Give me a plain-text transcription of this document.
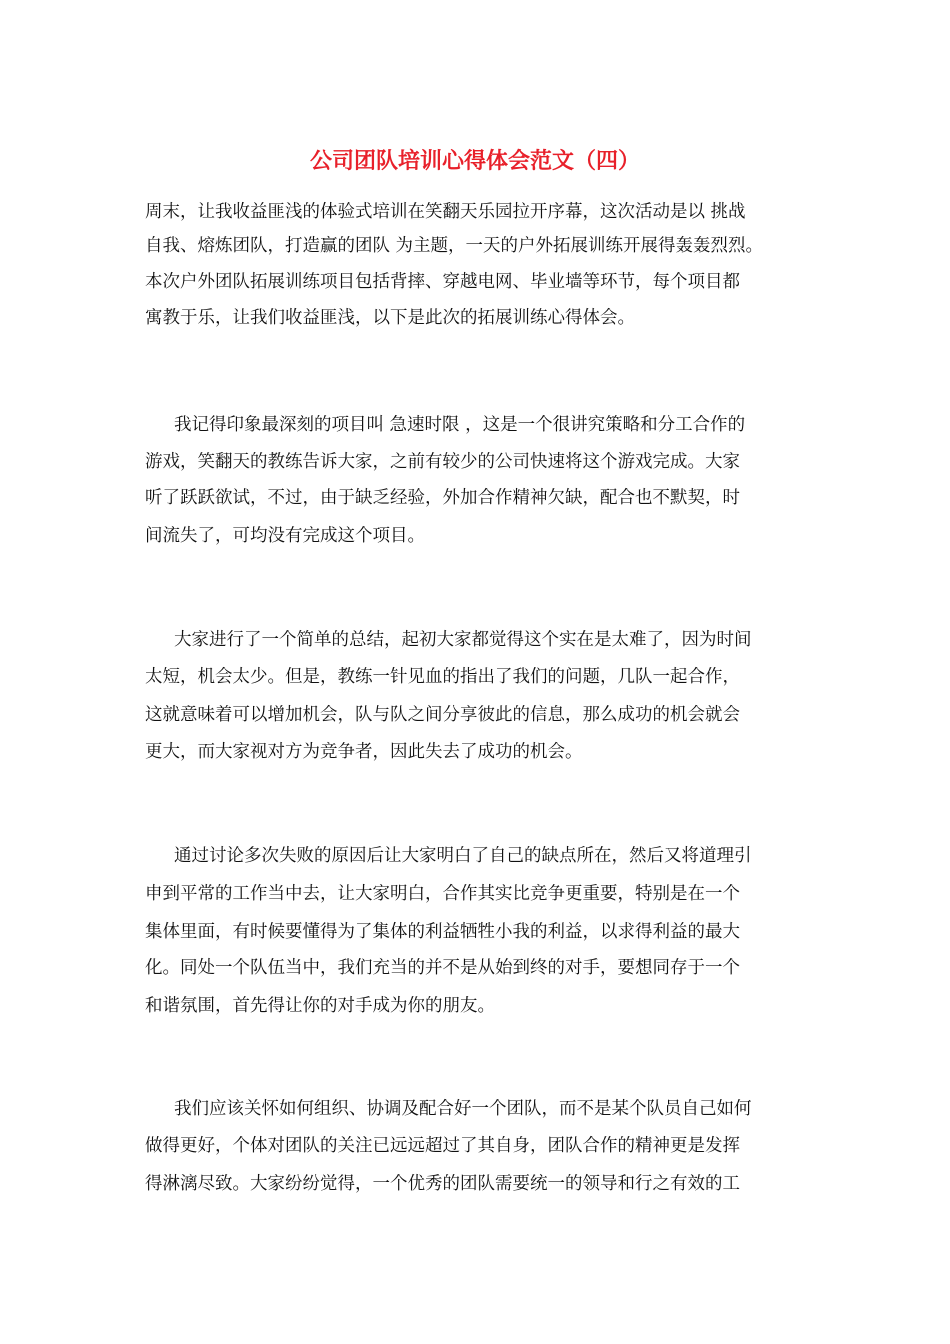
公司团队培训心得体会范文（四）
周末，让我收益匪浅的体验式培训在笑翻天乐园拉开序幕，这次活动是以 挑战
自我、熔炼团队，打造赢的团队 为主题，一天的户外拓展训练开展得轰轰烈烈。
本次户外团队拓展训练项目包括背摔、穿越电网、毕业墙等环节，每个项目都
寓教于乐，让我们收益匪浅，以下是此次的拓展训练心得体会。
我记得印象最深刻的项目叫 急速时限 ，这是一个很讲究策略和分工合作的
游戏，笑翻天的教练告诉大家，之前有较少的公司快速将这个游戏完成。大家
听了跃跃欲试，不过，由于缺乏经验，外加合作精神欠缺，配合也不默契，时
间流失了，可均没有完成这个项目。
大家进行了一个简单的总结，起初大家都觉得这个实在是太难了，因为时间
太短，机会太少。但是，教练一针见血的指出了我们的问题，几队一起合作，
这就意味着可以增加机会，队与队之间分享彼此的信息，那么成功的机会就会
更大，而大家视对方为竞争者，因此失去了成功的机会。
通过讨论多次失败的原因后让大家明白了自己的缺点所在，然后又将道理引
申到平常的工作当中去，让大家明白，合作其实比竞争更重要，特别是在一个
集体里面，有时候要懂得为了集体的利益牺牲小我的利益，以求得利益的最大
化。同处一个队伍当中，我们充当的并不是从始到终的对手，要想同存于一个
和谐氛围，首先得让你的对手成为你的朋友。
我们应该关怀如何组织、协调及配合好一个团队，而不是某个队员自己如何
做得更好，个体对团队的关注已远远超过了其自身，团队合作的精神更是发挥
得淋漓尽致。大家纷纷觉得，一个优秀的团队需要统一的领导和行之有效的工
